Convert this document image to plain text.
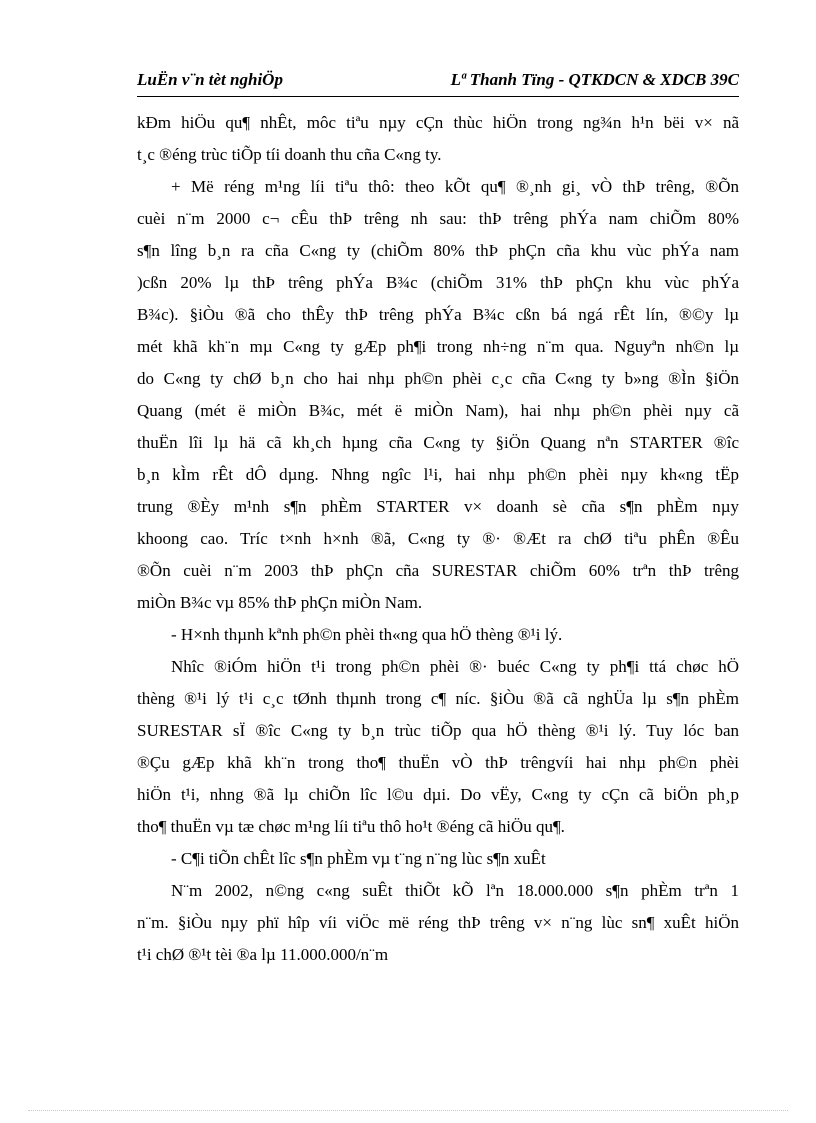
LuËn v¨n tèt nghiÖp	Lª Thanh Tïng - QTKDCN & XDCB 39C
kÐm hiÖu qu¶ nhÊt, môc tiªu nµy cÇn thùc hiÖn trong ng¾n h¹n bëi v× nã
t¸c ®éng trùc tiÕp tíi doanh thu cña C«ng ty.
+ Më réng m¹ng líi tiªu thô: theo kÕt qu¶ ®¸nh gi¸ vÒ thÞ trêng, ®Õn
cuèi n¨m 2000 c¬ cÊu thÞ trêng nh sau: thÞ trêng phÝa nam chiÕm 80%
s¶n lîng b¸n ra cña C«ng ty (chiÕm 80% thÞ phÇn cña khu vùc phÝa nam
)cßn 20% lµ thÞ trêng phÝa B¾c (chiÕm 31% thÞ phÇn khu vùc phÝa
B¾c). §iÒu ®ã cho thÊy thÞ trêng phÝa B¾c cßn bá ngá rÊt lín, ®©y lµ
mét khã kh¨n mµ C«ng ty gÆp ph¶i trong nh÷ng n¨m qua. Nguyªn nh©n lµ
do C«ng ty chØ b¸n cho hai nhµ ph©n phèi c¸c cña C«ng ty b»ng ®Ìn §iÖn
Quang (mét ë miÒn B¾c, mét ë miÒn Nam), hai nhµ ph©n phèi nµy cã
thuËn lîi lµ hä cã kh¸ch hµng cña C«ng ty §iÖn Quang nªn STARTER ®îc
b¸n kÌm rÊt dÔ dµng. Nhng ngîc l¹i, hai nhµ ph©n phèi nµy kh«ng tËp
trung ®Èy m¹nh s¶n phÈm STARTER v× doanh sè cña s¶n phÈm nµy
khoong cao. Tríc t×nh h×nh ®ã, C«ng ty ®· ®Æt ra chØ tiªu phÊn ®Êu
®Õn cuèi n¨m 2003 thÞ phÇn cña SURESTAR chiÕm 60% trªn thÞ trêng
miÒn B¾c vµ 85% thÞ phÇn miÒn Nam.
- H×nh thµnh kªnh ph©n phèi th«ng qua hÖ thèng ®¹i lý.
Nhîc ®iÓm hiÖn t¹i trong ph©n phèi ®· buéc C«ng ty ph¶i ttá chøc hÖ
thèng ®¹i lý t¹i c¸c tØnh thµnh trong c¶ níc. §iÒu ®ã cã nghÜa lµ s¶n phÈm
SURESTAR sÏ ®îc C«ng ty b¸n trùc tiÕp qua hÖ thèng ®¹i lý. Tuy lóc ban
®Çu gÆp khã kh¨n trong tho¶ thuËn vÒ thÞ trêngvíi hai nhµ ph©n phèi
hiÖn t¹i, nhng ®ã lµ chiÕn lîc l©u dµi. Do vËy, C«ng ty cÇn cã biÖn ph¸p
tho¶ thuËn vµ tæ chøc m¹ng líi tiªu thô ho¹t ®éng cã hiÖu qu¶.
- C¶i tiÕn chÊt lîc s¶n phÈm vµ t¨ng n¨ng lùc s¶n xuÊt
N¨m 2002, n©ng c«ng suÊt thiÕt kÕ lªn 18.000.000 s¶n phÈm trªn 1
n¨m. §iÒu nµy phï hîp víi viÖc më réng thÞ trêng v× n¨ng lùc sn¶ xuÊt hiÖn
t¹i chØ ®¹t tèi ®a lµ 11.000.000/n¨m
